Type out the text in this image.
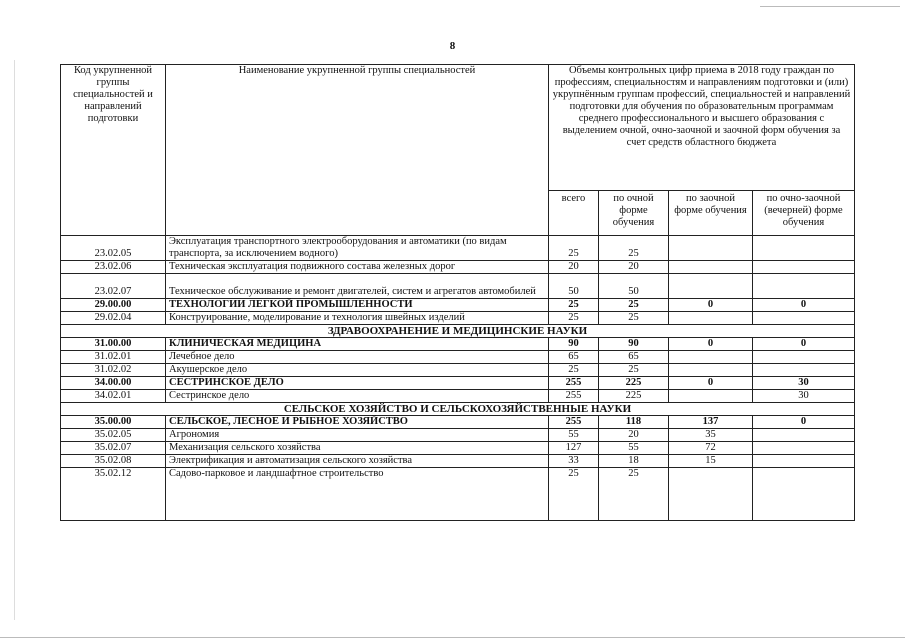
8
Код укрупненной группы специальностей и направлений подготовки	Наименование укрупненной группы специальностей	Объемы контрольных цифр приема в 2018 году граждан по профессиям, специальностям и направлениям подготовки и (или) укрупнённым группам профессий, специальностей и направлений подготовки для обучения по образовательным программам среднего профессионального и высшего образования с выделением очной, очно-заочной и заочной форм обучения за счет средств областного бюджета			
		всего	по очной форме обучения	по заочной форме обучения	по очно-заочной (вечерней) форме обучения
23.02.05	Эксплуатация транспортного электрооборудования и автоматики (по видам транспорта, за исключением водного)	25	25		
23.02.06	Техническая эксплуатация подвижного состава железных дорог	20	20		
23.02.07	Техническое обслуживание и ремонт двигателей, систем и агрегатов автомобилей	50	50		
29.00.00	ТЕХНОЛОГИИ ЛЕГКОЙ ПРОМЫШЛЕННОСТИ	25	25	0	0
29.02.04	Конструирование, моделирование и технология швейных изделий	25	25		
ЗДРАВООХРАНЕНИЕ И МЕДИЦИНСКИЕ НАУКИ					
31.00.00	КЛИНИЧЕСКАЯ МЕДИЦИНА	90	90	0	0
31.02.01	Лечебное дело	65	65		
31.02.02	Акушерское дело	25	25		
34.00.00	СЕСТРИНСКОЕ ДЕЛО	255	225	0	30
34.02.01	Сестринское дело	255	225		30
СЕЛЬСКОЕ ХОЗЯЙСТВО И СЕЛЬСКОХОЗЯЙСТВЕННЫЕ НАУКИ					
35.00.00	СЕЛЬСКОЕ, ЛЕСНОЕ И РЫБНОЕ ХОЗЯЙСТВО	255	118	137	0
35.02.05	Агрономия	55	20	35	
35.02.07	Механизация сельского хозяйства	127	55	72	
35.02.08	Электрификация и автоматизация сельского хозяйства	33	18	15	
35.02.12	Садово-парковое и ландшафтное строительство	25	25		
